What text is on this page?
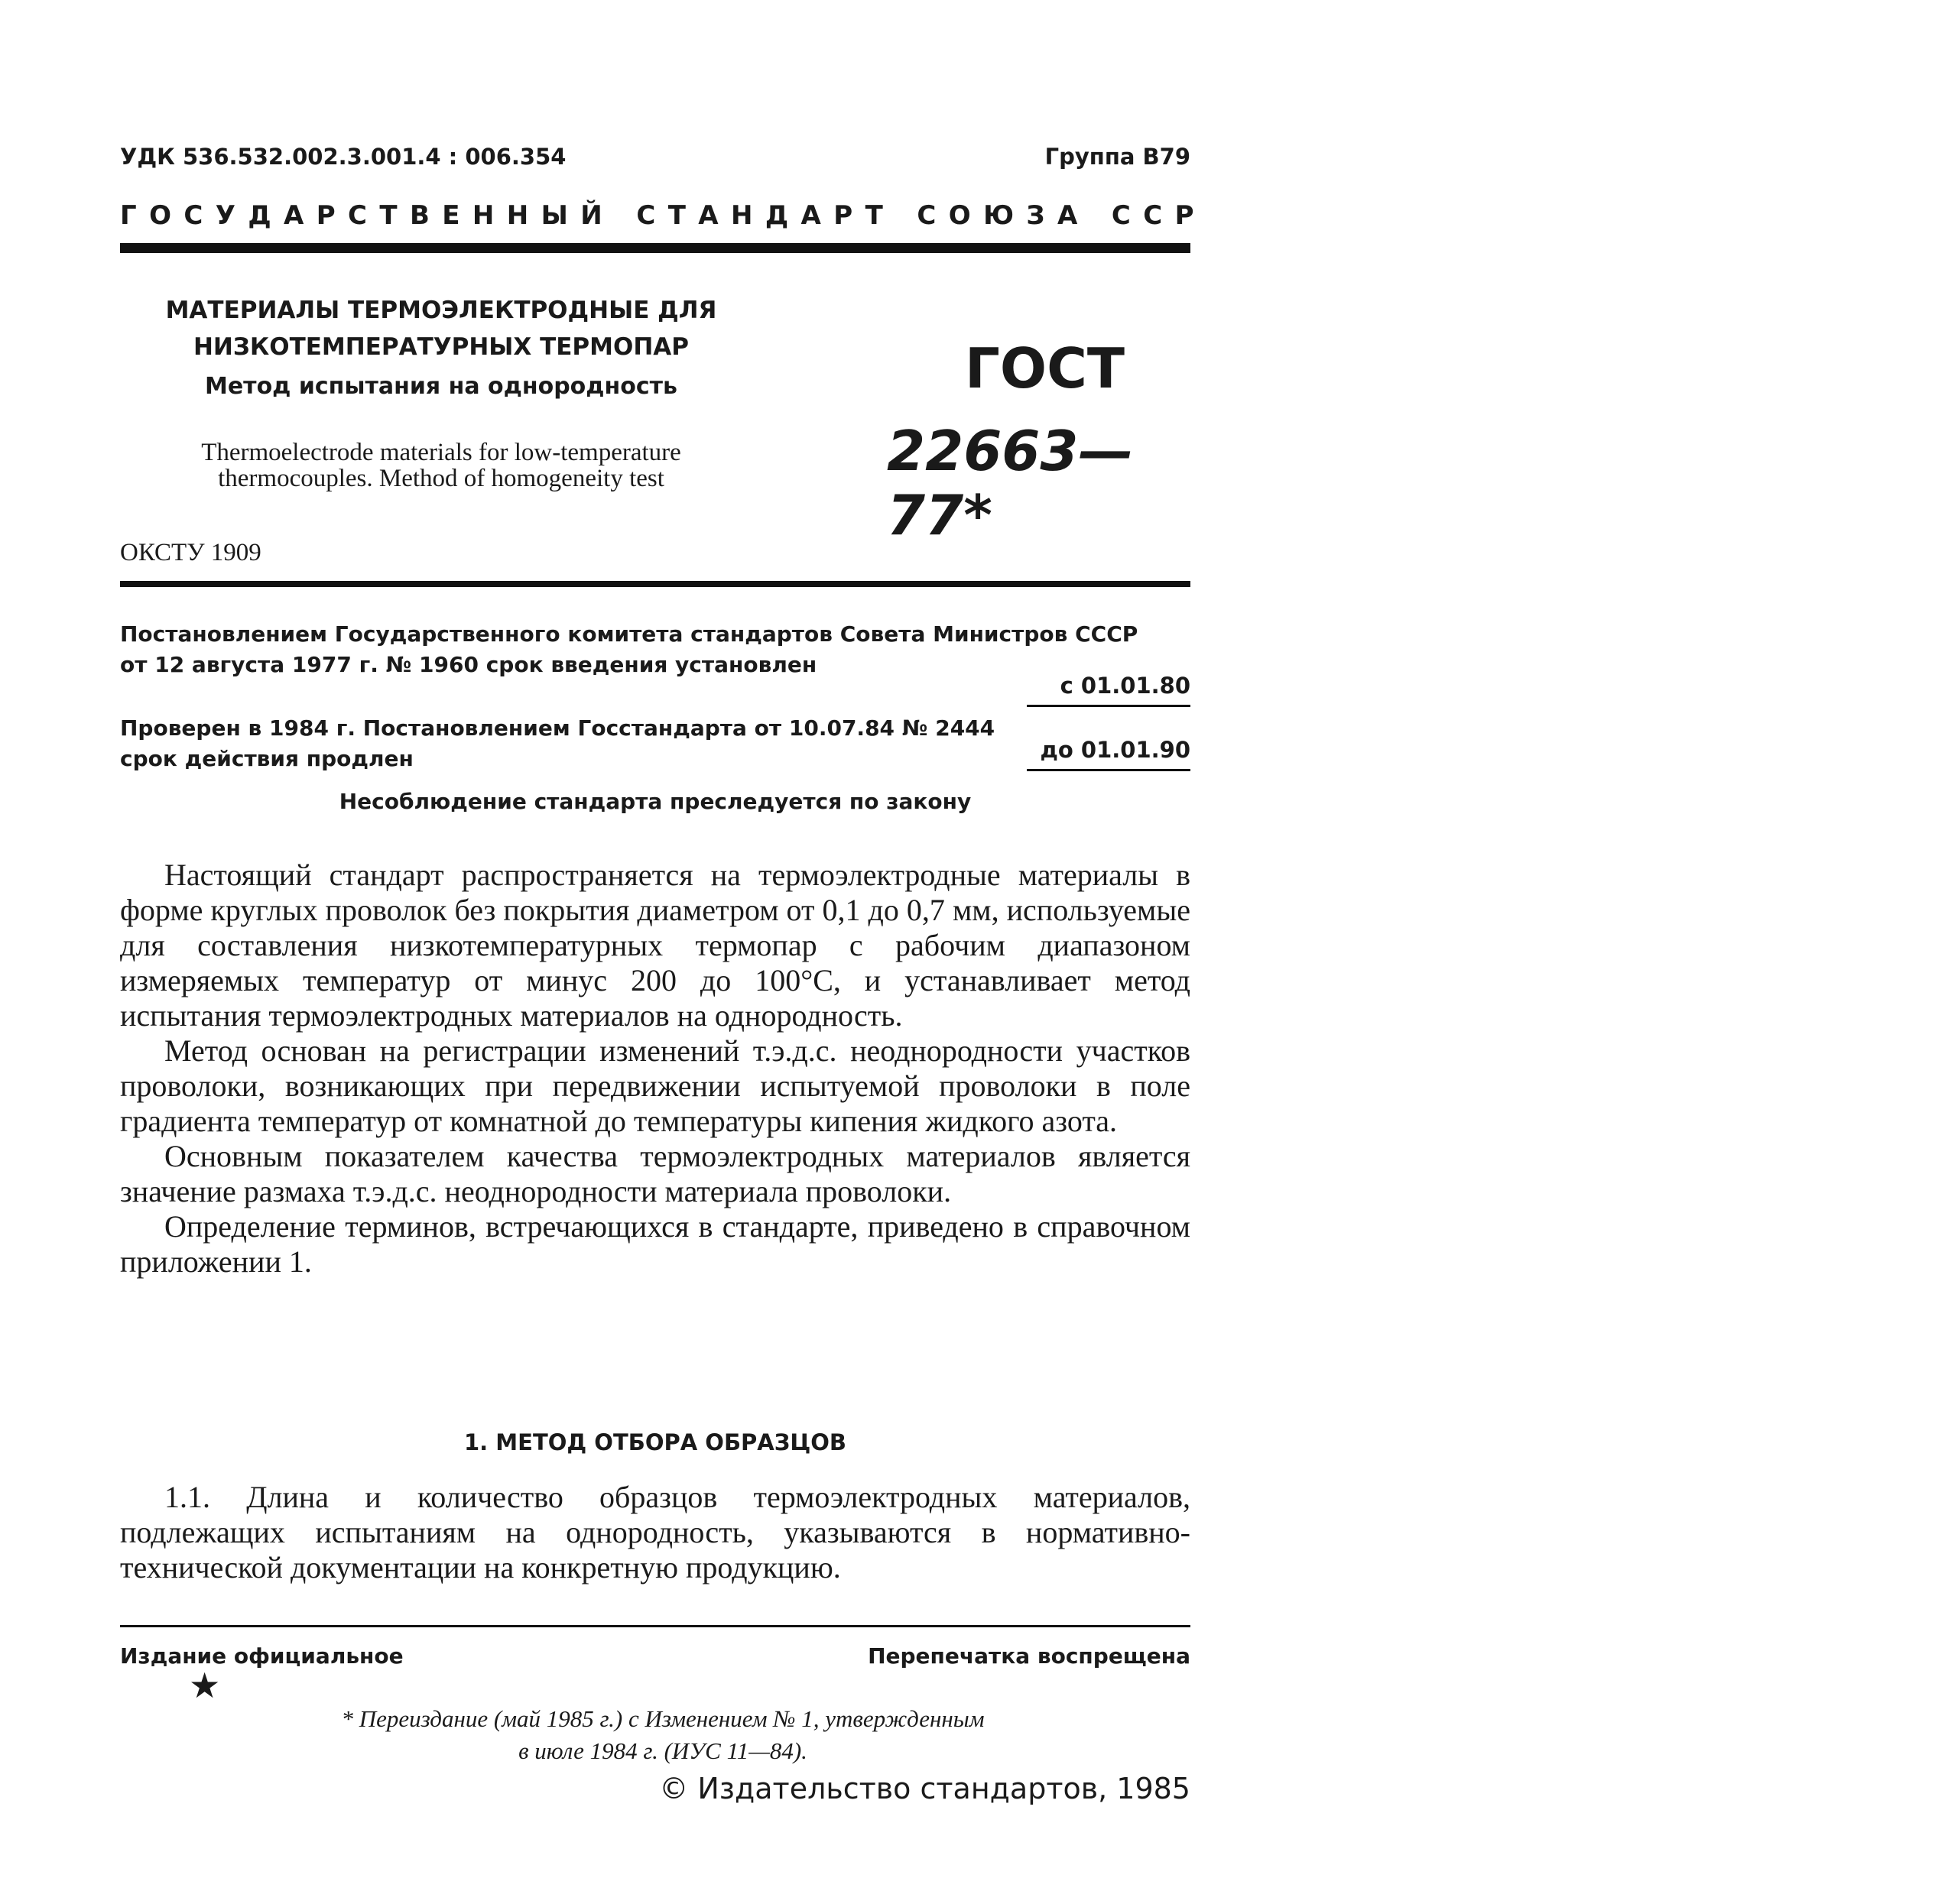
УДК 536.532.002.3.001.4 : 006.354	Группа В79
ГОСУДАРСТВЕННЫЙ СТАНДАРТ СОЮЗА ССР
МАТЕРИАЛЫ ТЕРМОЭЛЕКТРОДНЫЕ ДЛЯ
НИЗКОТЕМПЕРАТУРНЫХ ТЕРМОПАР
Метод испытания на однородность
Thermoelectrode materials for low-temperature
thermocouples. Method of homogeneity test
ГОСТ
22663—77*
ОКСТУ 1909
Постановлением Государственного комитета стандартов Совета Министров СССР
от 12 августа 1977 г. № 1960 срок введения установлен
с 01.01.80
Проверен в 1984 г. Постановлением Госстандарта от 10.07.84 № 2444
срок действия продлен	до 01.01.90
Несоблюдение стандарта преследуется по закону

Настоящий стандарт распространяется на термоэлектродные материалы в форме круглых проволок без покрытия диаметром от 0,1 до 0,7 мм, используемые для составления низкотемпературных термопар с рабочим диапазоном измеряемых температур от минус 200 до 100°С, и устанавливает метод испытания термоэлектродных материалов на однородность.

Метод основан на регистрации изменений т.э.д.с. неоднородности участков проволоки, возникающих при передвижении испытуемой проволоки в поле градиента температур от комнатной до температуры кипения жидкого азота.

Основным показателем качества термоэлектродных материалов является значение размаха т.э.д.с. неоднородности материала проволоки.

Определение терминов, встречающихся в стандарте, приведено в справочном приложении 1.

1. МЕТОД ОТБОРА ОБРАЗЦОВ

1.1. Длина и количество образцов термоэлектродных материалов, подлежащих испытаниям на однородность, указываются в нормативно-технической документации на конкретную продукцию.

Издание официальное	Перепечатка воспрещена
★
* Переиздание (май 1985 г.) с Изменением № 1, утвержденным
в июле 1984 г. (ИУС 11—84).
© Издательство стандартов, 1985
